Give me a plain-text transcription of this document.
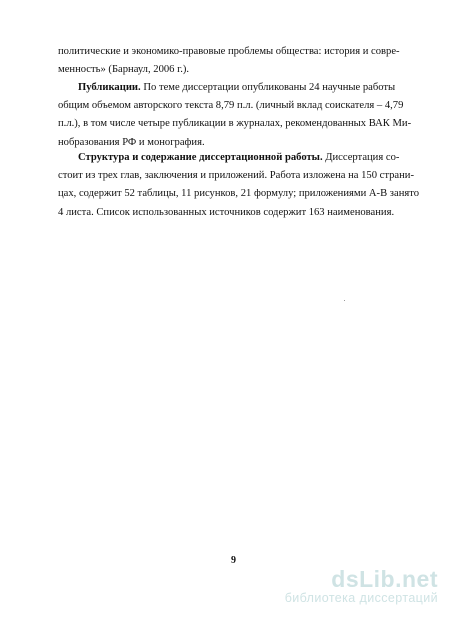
политические и экономико-правовые проблемы общества: история и совре-
менность» (Барнаул, 2006 г.).
Публикации. По теме диссертации опубликованы 24 научные работы
общим объемом авторского текста 8,79 п.л. (личный вклад соискателя – 4,79
п.л.), в том числе четыре публикации в журналах, рекомендованных ВАК Ми-
нобразования РФ и монография.
Структура и содержание диссертационной работы. Диссертация со-
стоит из трех глав, заключения и приложений. Работа изложена на 150 страни-
цах, содержит 52 таблицы, 11 рисунков, 21 формулу; приложениями А-В занято
4 листа. Список использованных источников содержит 163 наименования.
9
dsLib.net
библиотека диссертаций
